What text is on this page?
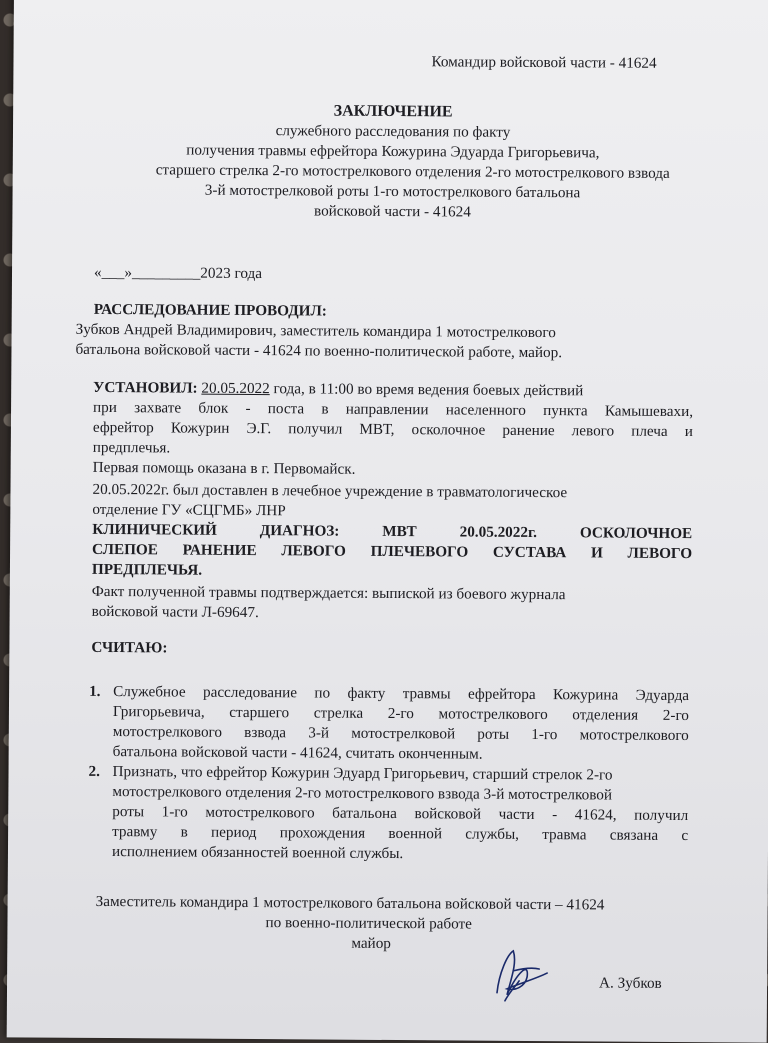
Командир войсковой части - 41624
ЗАКЛЮЧЕНИЕ
служебного расследования по факту
получения травмы ефрейтора Кожурина Эдуарда Григорьевича,
старшего стрелка 2-го мотострелкового отделения 2-го мотострелкового взвода
3-й мотострелковой роты 1-го мотострелкового батальона
войсковой части - 41624
«___»_________2023 года
РАССЛЕДОВАНИЕ ПРОВОДИЛ:
Зубков Андрей Владимирович, заместитель командира 1 мотострелкового
батальона войсковой части - 41624 по военно-политической работе, майор.
УСТАНОВИЛ: 20.05.2022 года, в 11:00 во время ведения боевых действий
при захвате блок - поста в направлении населенного пункта Камышевахи,
ефрейтор Кожурин Э.Г. получил МВТ, осколочное ранение левого плеча и
предплечья.
Первая помощь оказана в г. Первомайск.
20.05.2022г. был доставлен в лечебное учреждение в травматологическое
отделение ГУ «СЦГМБ» ЛНР
КЛИНИЧЕСКИЙ ДИАГНОЗ: МВТ 20.05.2022г. ОСКОЛОЧНОЕ
СЛЕПОЕ РАНЕНИЕ ЛЕВОГО ПЛЕЧЕВОГО СУСТАВА И ЛЕВОГО
ПРЕДПЛЕЧЬЯ.
Факт полученной травмы подтверждается: выпиской из боевого журнала
войсковой части Л-69647.
СЧИТАЮ:
1. Служебное расследование по факту травмы ефрейтора Кожурина Эдуарда
Григорьевича, старшего стрелка 2-го мотострелкового отделения 2-го
мотострелкового взвода 3-й мотострелковой роты 1-го мотострелкового
батальона войсковой части - 41624, считать оконченным.
2. Признать, что ефрейтор Кожурин Эдуард Григорьевич, старший стрелок 2-го
мотострелкового отделения 2-го мотострелкового взвода 3-й мотострелковой
роты 1-го мотострелкового батальона войсковой части - 41624, получил
травму в период прохождения военной службы, травма связана с
исполнением обязанностей военной службы.
Заместитель командира 1 мотострелкового батальона войсковой части – 41624
по военно-политической работе
майор
А. Зубков
